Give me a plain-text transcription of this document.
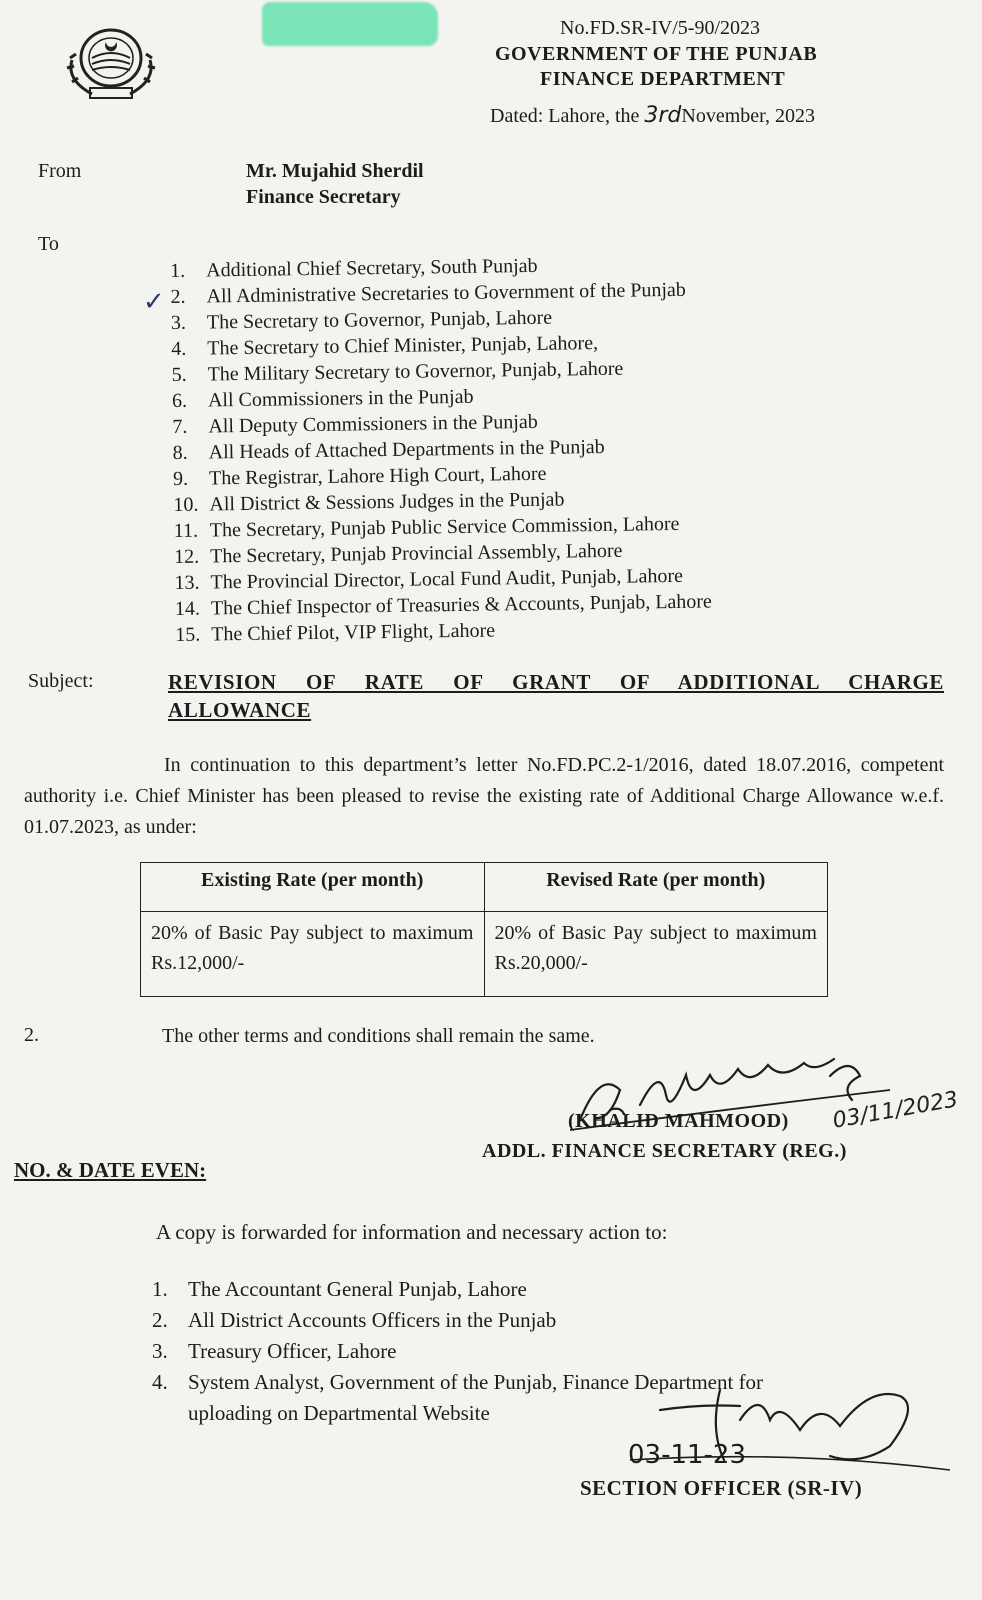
No.FD.SR-IV/5-90/2023
GOVERNMENT OF THE PUNJAB
FINANCE DEPARTMENT
Dated: Lahore, the 3rdNovember, 2023
From	Mr. Mujahid Sherdil
Finance Secretary
To
✓
1. Additional Chief Secretary, South Punjab
2. All Administrative Secretaries to Government of the Punjab
3. The Secretary to Governor, Punjab, Lahore
4. The Secretary to Chief Minister, Punjab, Lahore,
5. The Military Secretary to Governor, Punjab, Lahore
6. All Commissioners in the Punjab
7. All Deputy Commissioners in the Punjab
8. All Heads of Attached Departments in the Punjab
9. The Registrar, Lahore High Court, Lahore
10. All District & Sessions Judges in the Punjab
11. The Secretary, Punjab Public Service Commission, Lahore
12. The Secretary, Punjab Provincial Assembly, Lahore
13. The Provincial Director, Local Fund Audit, Punjab, Lahore
14. The Chief Inspector of Treasuries & Accounts, Punjab, Lahore
15. The Chief Pilot, VIP Flight, Lahore
Subject:	REVISION OF RATE OF GRANT OF ADDITIONAL CHARGE
ALLOWANCE
In continuation to this department’s letter No.FD.PC.2-1/2016, dated 18.07.2016, competent authority i.e. Chief Minister has been pleased to revise the existing rate of Additional Charge Allowance w.e.f. 01.07.2023, as under:
Existing Rate (per month)	Revised Rate (per month)
20% of Basic Pay subject to maximum Rs.12,000/-	20% of Basic Pay subject to maximum Rs.20,000/-
2.	The other terms and conditions shall remain the same.
(KHALID MAHMOOD) 03/11/2023
ADDL. FINANCE SECRETARY (REG.)
NO. & DATE EVEN:
A copy is forwarded for information and necessary action to:
1. The Accountant General Punjab, Lahore
2. All District Accounts Officers in the Punjab
3. Treasury Officer, Lahore
4. System Analyst, Government of the Punjab, Finance Department for
uploading on Departmental Website
03-11-23
SECTION OFFICER (SR-IV)
